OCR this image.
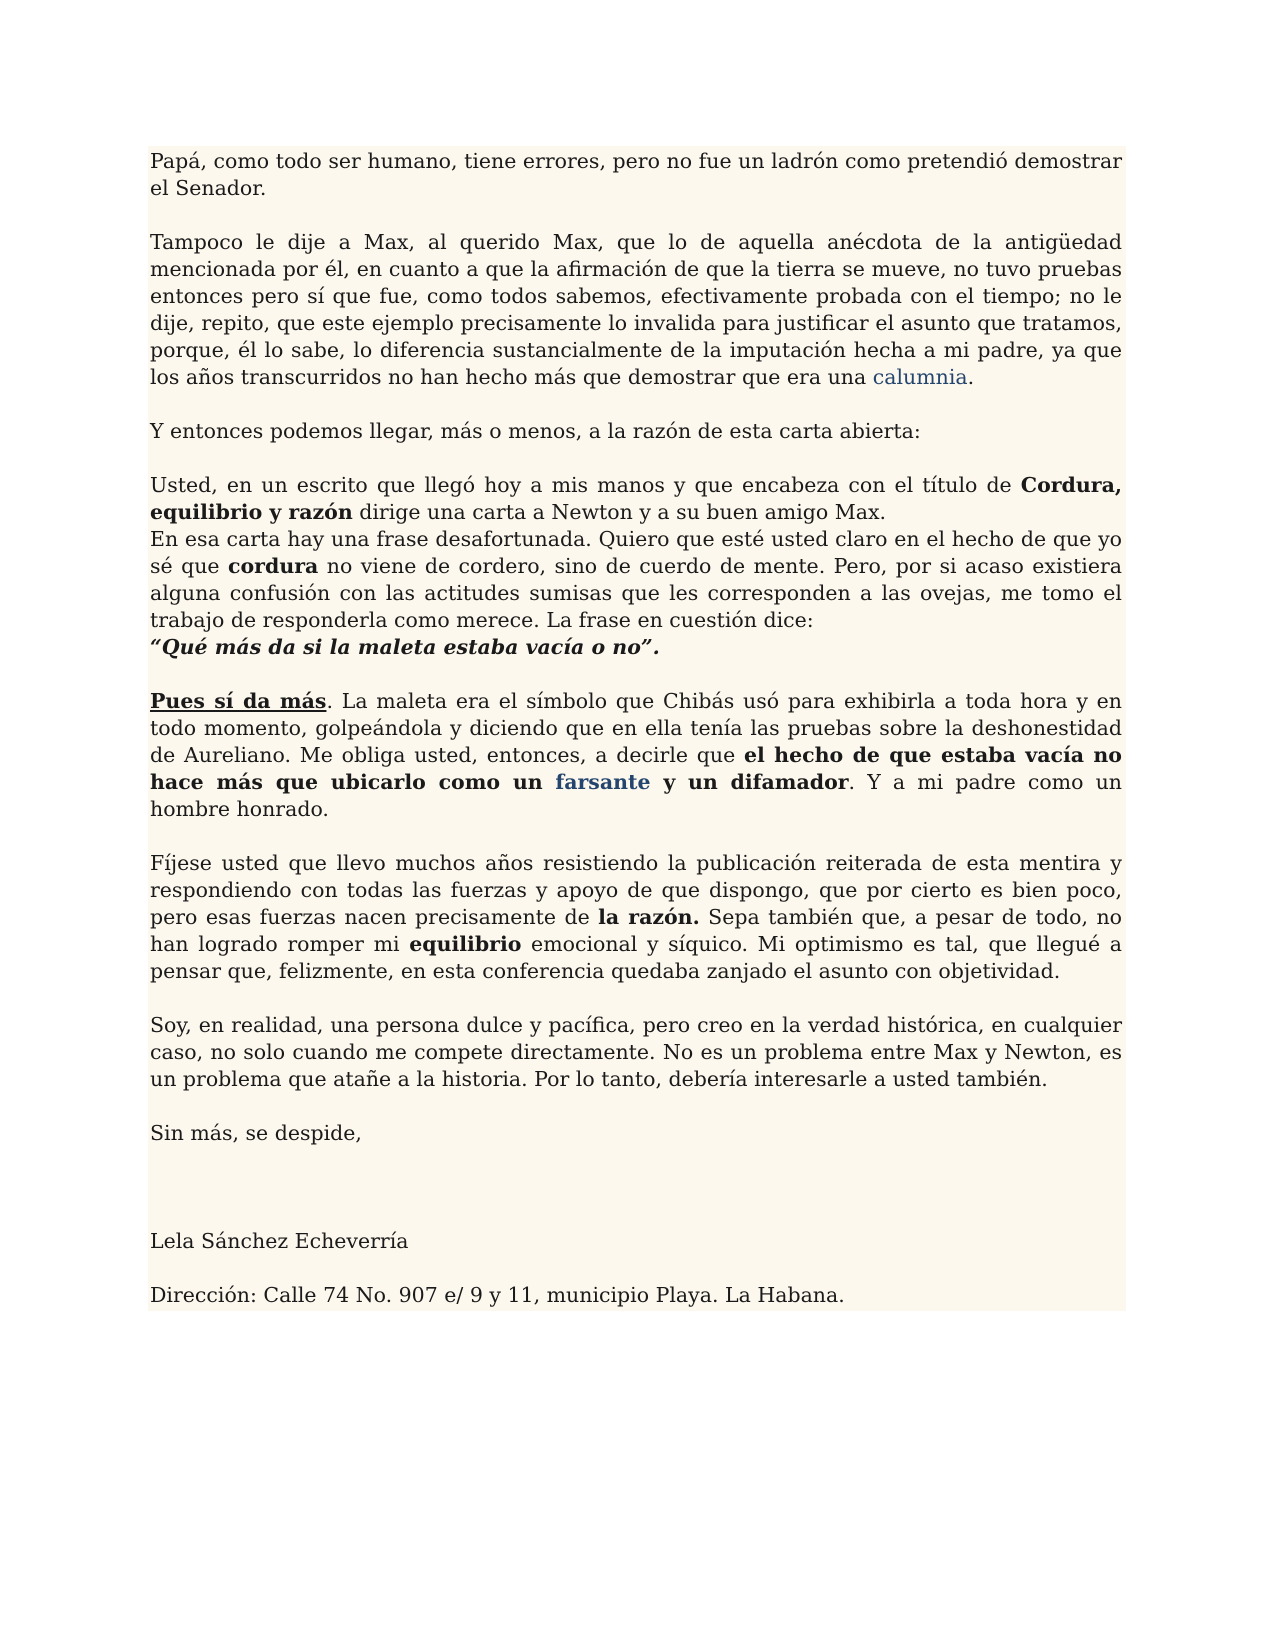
Papá, como todo ser humano, tiene errores, pero no fue un ladrón como pretendió demostrar el Senador.

Tampoco le dije a Max, al querido Max, que lo de aquella anécdota de la antigüedad mencionada por él, en cuanto a que la afirmación de que la tierra se mueve, no tuvo pruebas entonces pero sí que fue, como todos sabemos, efectivamente probada con el tiempo; no le dije, repito, que este ejemplo precisamente lo invalida para justificar el asunto que tratamos, porque, él lo sabe, lo diferencia sustancialmente de la imputación hecha a mi padre, ya que los años transcurridos no han hecho más que demostrar que era una calumnia.

Y entonces podemos llegar, más o menos, a la razón de esta carta abierta:

Usted, en un escrito que llegó hoy a mis manos y que encabeza con el título de Cordura, equilibrio y razón dirige una carta a Newton y a su buen amigo Max.

En esa carta hay una frase desafortunada. Quiero que esté usted claro en el hecho de que yo sé que cordura no viene de cordero, sino de cuerdo de mente. Pero, por si acaso existiera alguna confusión con las actitudes sumisas que les corresponden a las ovejas, me tomo el trabajo de responderla como merece. La frase en cuestión dice:

“Qué más da si la maleta estaba vacía o no”.

Pues sí da más. La maleta era el símbolo que Chibás usó para exhibirla a toda hora y en todo momento, golpeándola y diciendo que en ella tenía las pruebas sobre la deshonestidad de Aureliano. Me obliga usted, entonces, a decirle que el hecho de que estaba vacía no hace más que ubicarlo como un farsante y un difamador. Y a mi padre como un hombre honrado.

Fíjese usted que llevo muchos años resistiendo la publicación reiterada de esta mentira y respondiendo con todas las fuerzas y apoyo de que dispongo, que por cierto es bien poco, pero esas fuerzas nacen precisamente de la razón. Sepa también que, a pesar de todo, no han logrado romper mi equilibrio emocional y síquico. Mi optimismo es tal, que llegué a pensar que, felizmente, en esta conferencia quedaba zanjado el asunto con objetividad.

Soy, en realidad, una persona dulce y pacífica, pero creo en la verdad histórica, en cualquier caso, no solo cuando me compete directamente. No es un problema entre Max y Newton, es un problema que atañe a la historia. Por lo tanto, debería interesarle a usted también.

Sin más, se despide,

Lela Sánchez Echeverría

Dirección: Calle 74 No. 907 e/ 9 y 11, municipio Playa. La Habana.
